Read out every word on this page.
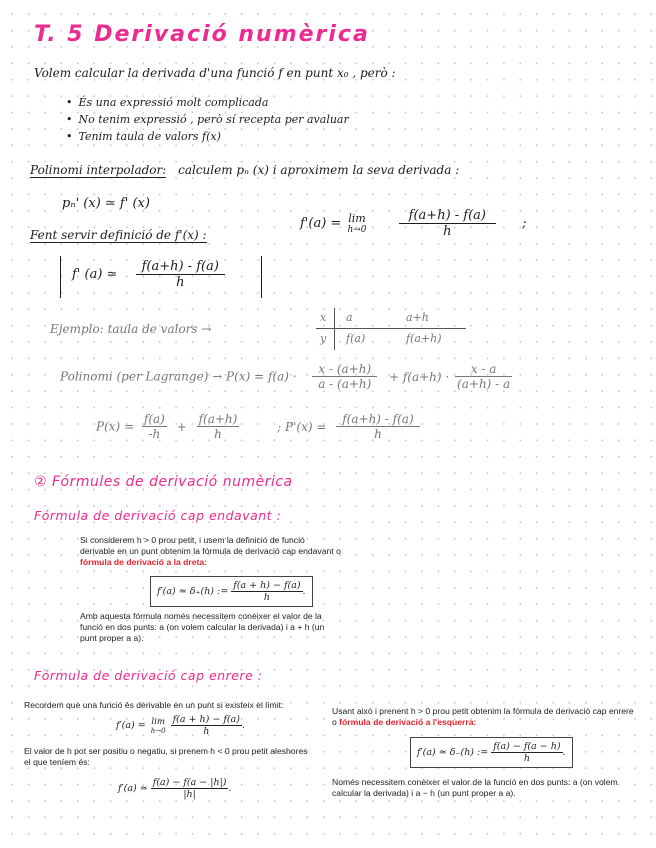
T. 5 Derivació numèrica
Volem calcular la derivada d'una funció f en punt x₀ , però :
• És una expressió molt complicada
• No tenim expressió , però sí recepta per avaluar
• Tenim taula de valors f(x)
Polinomi interpolador: calculem pₙ (x) i aproximem la seva derivada :
pₙ' (x) ≃ f' (x)
Fent servir definició de f'(x) :
f'(a) = lim
h→0
$\frac{f(a+h) - f(a)}{h}$ ;
f' (a) ≃ $\frac{f(a+h) - f(a)}{h}$
Ejemplo: taula de valors →
x a	a+h
y f(a)	f(a+h)
Polinomi (per Lagrange) → $P(x) = f(a) \cdot \frac{x - (a+h)}{a - (a+h)} + f(a+h) \cdot \frac{x - a}{(a+h) - a}$
$P(x) = \frac{f(a)}{-h} + \frac{f(a+h)}{h}$	; $P'(x) = \frac{f(a+h) - f(a)}{h}$
② Fórmules de derivació numèrica
Fórmula de derivació cap endavant :
Si considerem h > 0 prou petit, i usem la definició de funció derivable en un punt obtenim la fórmula de derivació cap endavant o fórmula de derivació a la dreta:
f′(a) ≃ δ₊(h) := $\frac{f(a + h) - f(a)}{h}$ .
Amb aquesta fórmula només necessitem conèixer el valor de la funció en dos punts: a (on volem calcular la derivada) i a + h (un punt proper a a).
Fórmula de derivació cap enrere :
Recordem que una funció és derivable en un punt si existeix el límit:
f′(a) = lim
h→0
$\frac{f(a + h) - f(a)}{h}$ .
El valor de h pot ser positiu o negatiu, si prenem h < 0 prou petit aleshores el que teníem és:
f′(a) ≃ $\frac{f(a) - f(a - |h|)}{|h|}$ .
Usant això i prenent h > 0 prou petit obtenim la fórmula de derivació cap enrere o fórmula de derivació a l'esquerra:
f′(a) ≃ δ₋(h) := $\frac{f(a) - f(a - h)}{h}$ .
Només necessitem conèixer el valor de la funció en dos punts: a (on volem calcular la derivada) i a − h (un punt proper a a).
